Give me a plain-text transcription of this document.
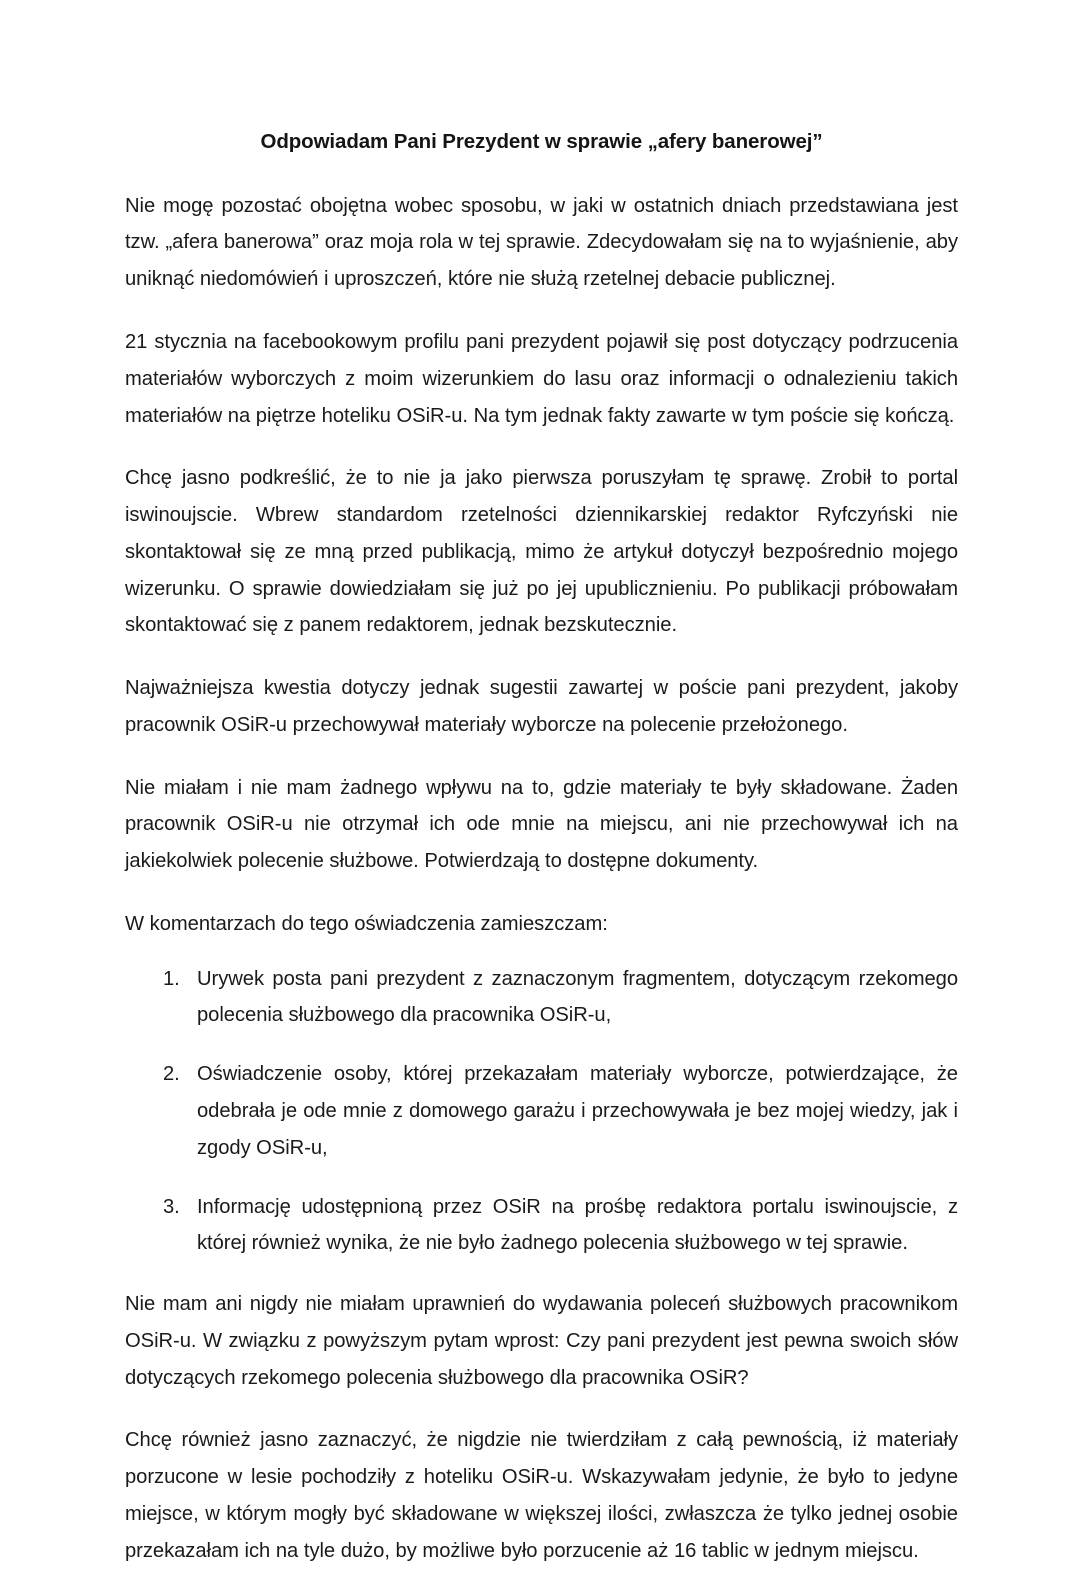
Odpowiadam Pani Prezydent w sprawie „afery banerowej”

Nie mogę pozostać obojętna wobec sposobu, w jaki w ostatnich dniach przedstawiana jest tzw. „afera banerowa” oraz moja rola w tej sprawie. Zdecydowałam się na to wyjaśnienie, aby uniknąć niedomówień i uproszczeń, które nie służą rzetelnej debacie publicznej.

21 stycznia na facebookowym profilu pani prezydent pojawił się post dotyczący podrzucenia materiałów wyborczych z moim wizerunkiem do lasu oraz informacji o odnalezieniu takich materiałów na piętrze hoteliku OSiR-u. Na tym jednak fakty zawarte w tym poście się kończą.

Chcę jasno podkreślić, że to nie ja jako pierwsza poruszyłam tę sprawę. Zrobił to portal iswinoujscie. Wbrew standardom rzetelności dziennikarskiej redaktor Ryfczyński nie skontaktował się ze mną przed publikacją, mimo że artykuł dotyczył bezpośrednio mojego wizerunku. O sprawie dowiedziałam się już po jej upublicznieniu. Po publikacji próbowałam skontaktować się z panem redaktorem, jednak bezskutecznie.

Najważniejsza kwestia dotyczy jednak sugestii zawartej w poście pani prezydent, jakoby pracownik OSiR-u przechowywał materiały wyborcze na polecenie przełożonego.

Nie miałam i nie mam żadnego wpływu na to, gdzie materiały te były składowane. Żaden pracownik OSiR-u nie otrzymał ich ode mnie na miejscu, ani nie przechowywał ich na jakiekolwiek polecenie służbowe. Potwierdzają to dostępne dokumenty.

W komentarzach do tego oświadczenia zamieszczam:

1. Urywek posta pani prezydent z zaznaczonym fragmentem, dotyczącym rzekomego polecenia służbowego dla pracownika OSiR-u,
2. Oświadczenie osoby, której przekazałam materiały wyborcze, potwierdzające, że odebrała je ode mnie z domowego garażu i przechowywała je bez mojej wiedzy, jak i zgody OSiR-u,
3. Informację udostępnioną przez OSiR na prośbę redaktora portalu iswinoujscie, z której również wynika, że nie było żadnego polecenia służbowego w tej sprawie.

Nie mam ani nigdy nie miałam uprawnień do wydawania poleceń służbowych pracownikom OSiR-u. W związku z powyższym pytam wprost: Czy pani prezydent jest pewna swoich słów dotyczących rzekomego polecenia służbowego dla pracownika OSiR?

Chcę również jasno zaznaczyć, że nigdzie nie twierdziłam z całą pewnością, iż materiały porzucone w lesie pochodziły z hoteliku OSiR-u. Wskazywałam jedynie, że było to jedyne miejsce, w którym mogły być składowane w większej ilości, zwłaszcza że tylko jednej osobie przekazałam ich na tyle dużo, by możliwe było porzucenie aż 16 tablic w jednym miejscu.
